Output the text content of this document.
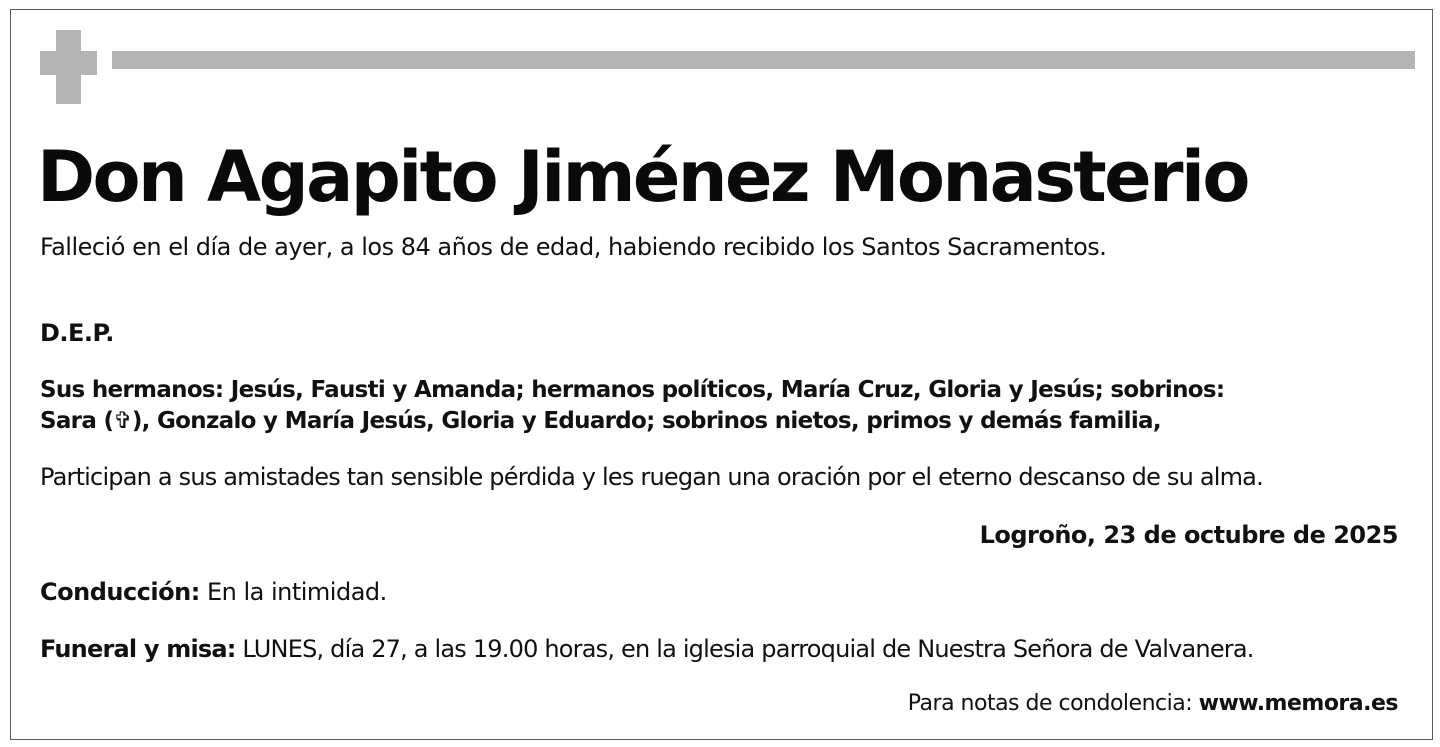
Don Agapito Jiménez Monasterio

Falleció en el día de ayer, a los 84 años de edad, habiendo recibido los Santos Sacramentos.

D.E.P.

Sus hermanos: Jesús, Fausti y Amanda; hermanos políticos, María Cruz, Gloria y Jesús; sobrinos:

Sara (✞), Gonzalo y María Jesús, Gloria y Eduardo; sobrinos nietos, primos y demás familia,

Participan a sus amistades tan sensible pérdida y les ruegan una oración por el eterno descanso de su alma.

Logroño, 23 de octubre de 2025

Conducción: En la intimidad.

Funeral y misa: LUNES, día 27, a las 19.00 horas, en la iglesia parroquial de Nuestra Señora de Valvanera.

Para notas de condolencia: www.memora.es
